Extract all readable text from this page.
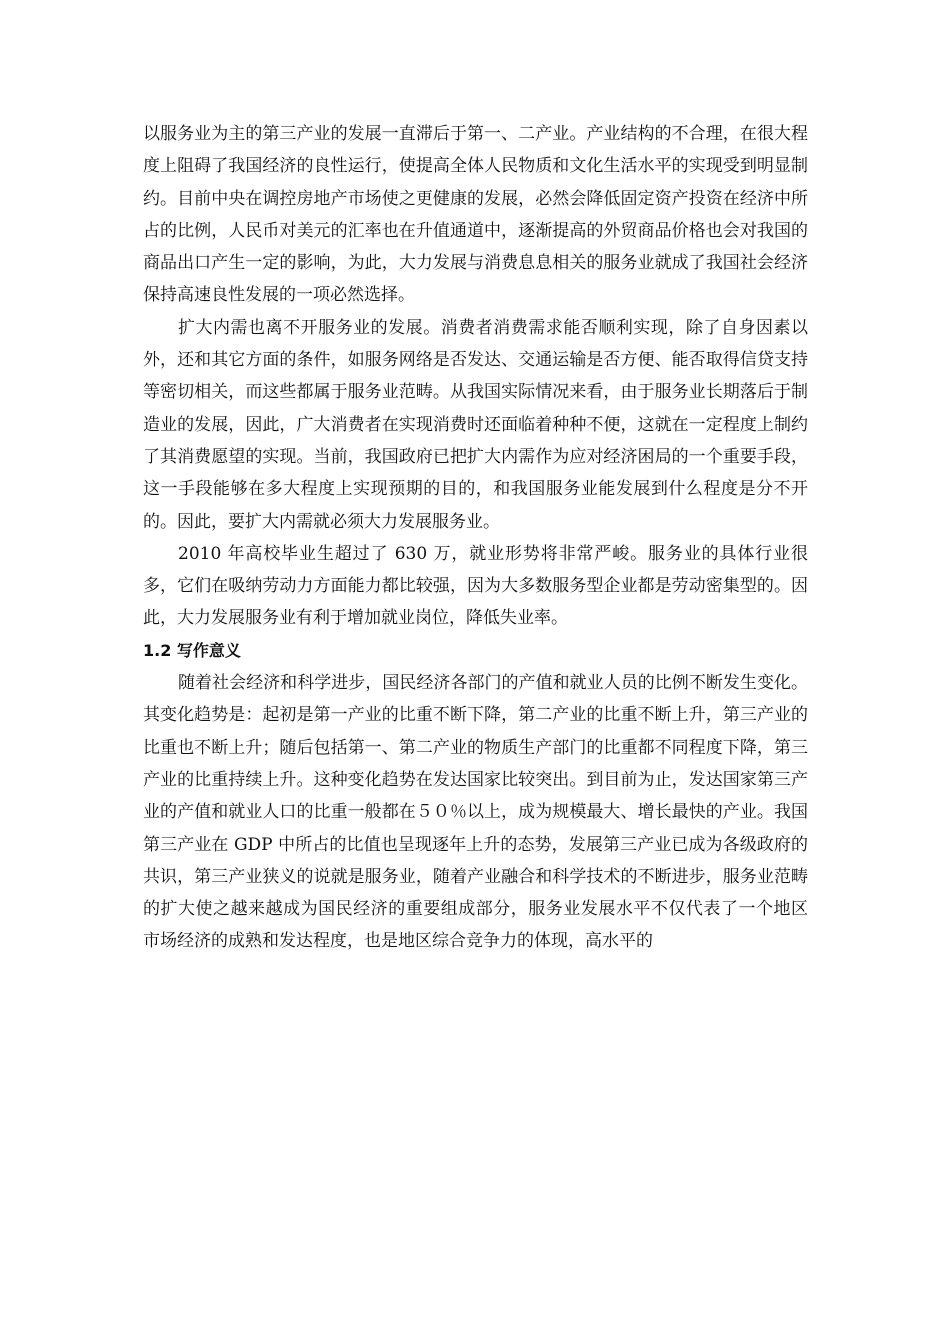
以服务业为主的第三产业的发展一直滞后于第一、二产业。产业结构的不合理，在很大程度上阻碍了我国经济的良性运行，使提高全体人民物质和文化生活水平的实现受到明显制约。目前中央在调控房地产市场使之更健康的发展，必然会降低固定资产投资在经济中所占的比例，人民币对美元的汇率也在升值通道中，逐渐提高的外贸商品价格也会对我国的商品出口产生一定的影响，为此，大力发展与消费息息相关的服务业就成了我国社会经济保持高速良性发展的一项必然选择。

扩大内需也离不开服务业的发展。消费者消费需求能否顺利实现，除了自身因素以外，还和其它方面的条件，如服务网络是否发达、交通运输是否方便、能否取得信贷支持等密切相关，而这些都属于服务业范畴。从我国实际情况来看，由于服务业长期落后于制造业的发展，因此，广大消费者在实现消费时还面临着种种不便，这就在一定程度上制约了其消费愿望的实现。当前，我国政府已把扩大内需作为应对经济困局的一个重要手段，这一手段能够在多大程度上实现预期的目的，和我国服务业能发展到什么程度是分不开的。因此，要扩大内需就必须大力发展服务业。

2010 年高校毕业生超过了 630 万，就业形势将非常严峻。服务业的具体行业很多，它们在吸纳劳动力方面能力都比较强，因为大多数服务型企业都是劳动密集型的。因此，大力发展服务业有利于增加就业岗位，降低失业率。

1.2 写作意义

随着社会经济和科学进步，国民经济各部门的产值和就业人员的比例不断发生变化。其变化趋势是：起初是第一产业的比重不断下降，第二产业的比重不断上升，第三产业的比重也不断上升；随后包括第一、第二产业的物质生产部门的比重都不同程度下降，第三产业的比重持续上升。这种变化趋势在发达国家比较突出。到目前为止，发达国家第三产业的产值和就业人口的比重一般都在５０％以上，成为规模最大、增长最快的产业。我国第三产业在 GDP 中所占的比值也呈现逐年上升的态势，发展第三产业已成为各级政府的共识，第三产业狭义的说就是服务业，随着产业融合和科学技术的不断进步，服务业范畴的扩大使之越来越成为国民经济的重要组成部分，服务业发展水平不仅代表了一个地区 市场经济的成熟和发达程度，也是地区综合竞争力的体现，高水平的
